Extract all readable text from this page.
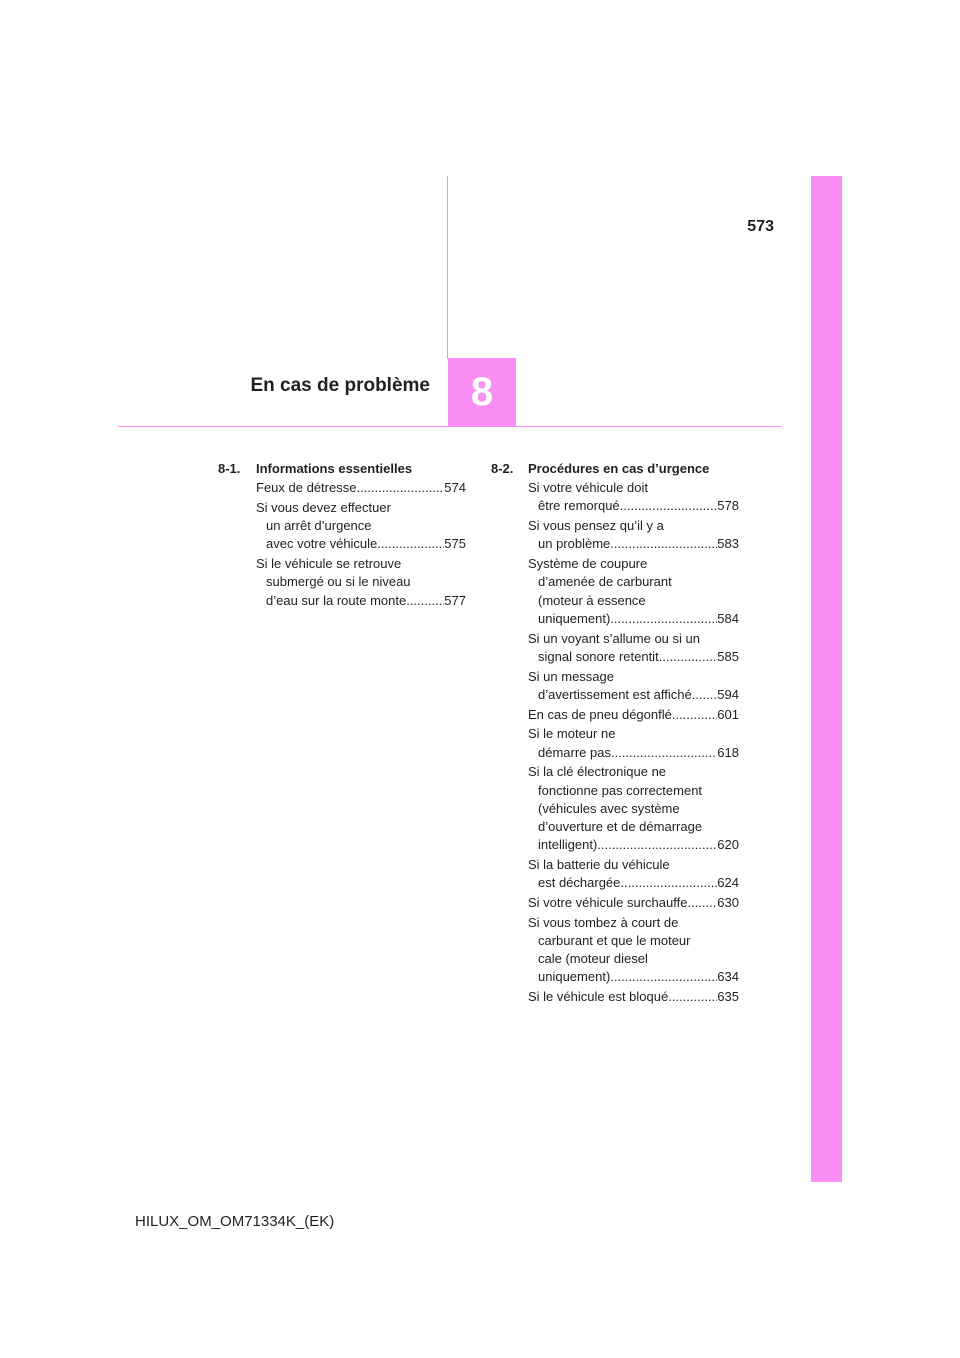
573
En cas de problème 8
8-1. Informations essentielles
Feux de détresse .....	574
Si vous devez effectuer
un arrêt d’urgence
avec votre véhicule .....	575
Si le véhicule se retrouve
submergé ou si le niveau
d’eau sur la route monte .....	577
8-2. Procédures en cas d’urgence
Si votre véhicule doit
être remorqué .....	578
Si vous pensez qu’il y a
un problème .....	583
Système de coupure
d’amenée de carburant
(moteur à essence
uniquement) .....	584
Si un voyant s’allume ou si un
signal sonore retentit .....	585
Si un message
d’avertissement est affiché ..... 594
En cas de pneu dégonflé .....	601
Si le moteur ne
démarre pas .....	618
Si la clé électronique ne
fonctionne pas correctement
(véhicules avec système
d’ouverture et de démarrage
intelligent) .....	620
Si la batterie du véhicule
est déchargée .....	624
Si votre véhicule surchauffe ..... 630
Si vous tombez à court de
carburant et que le moteur
cale (moteur diesel
uniquement) .....	634
Si le véhicule est bloqué .....	635
HILUX_OM_OM71334K_(EK)
